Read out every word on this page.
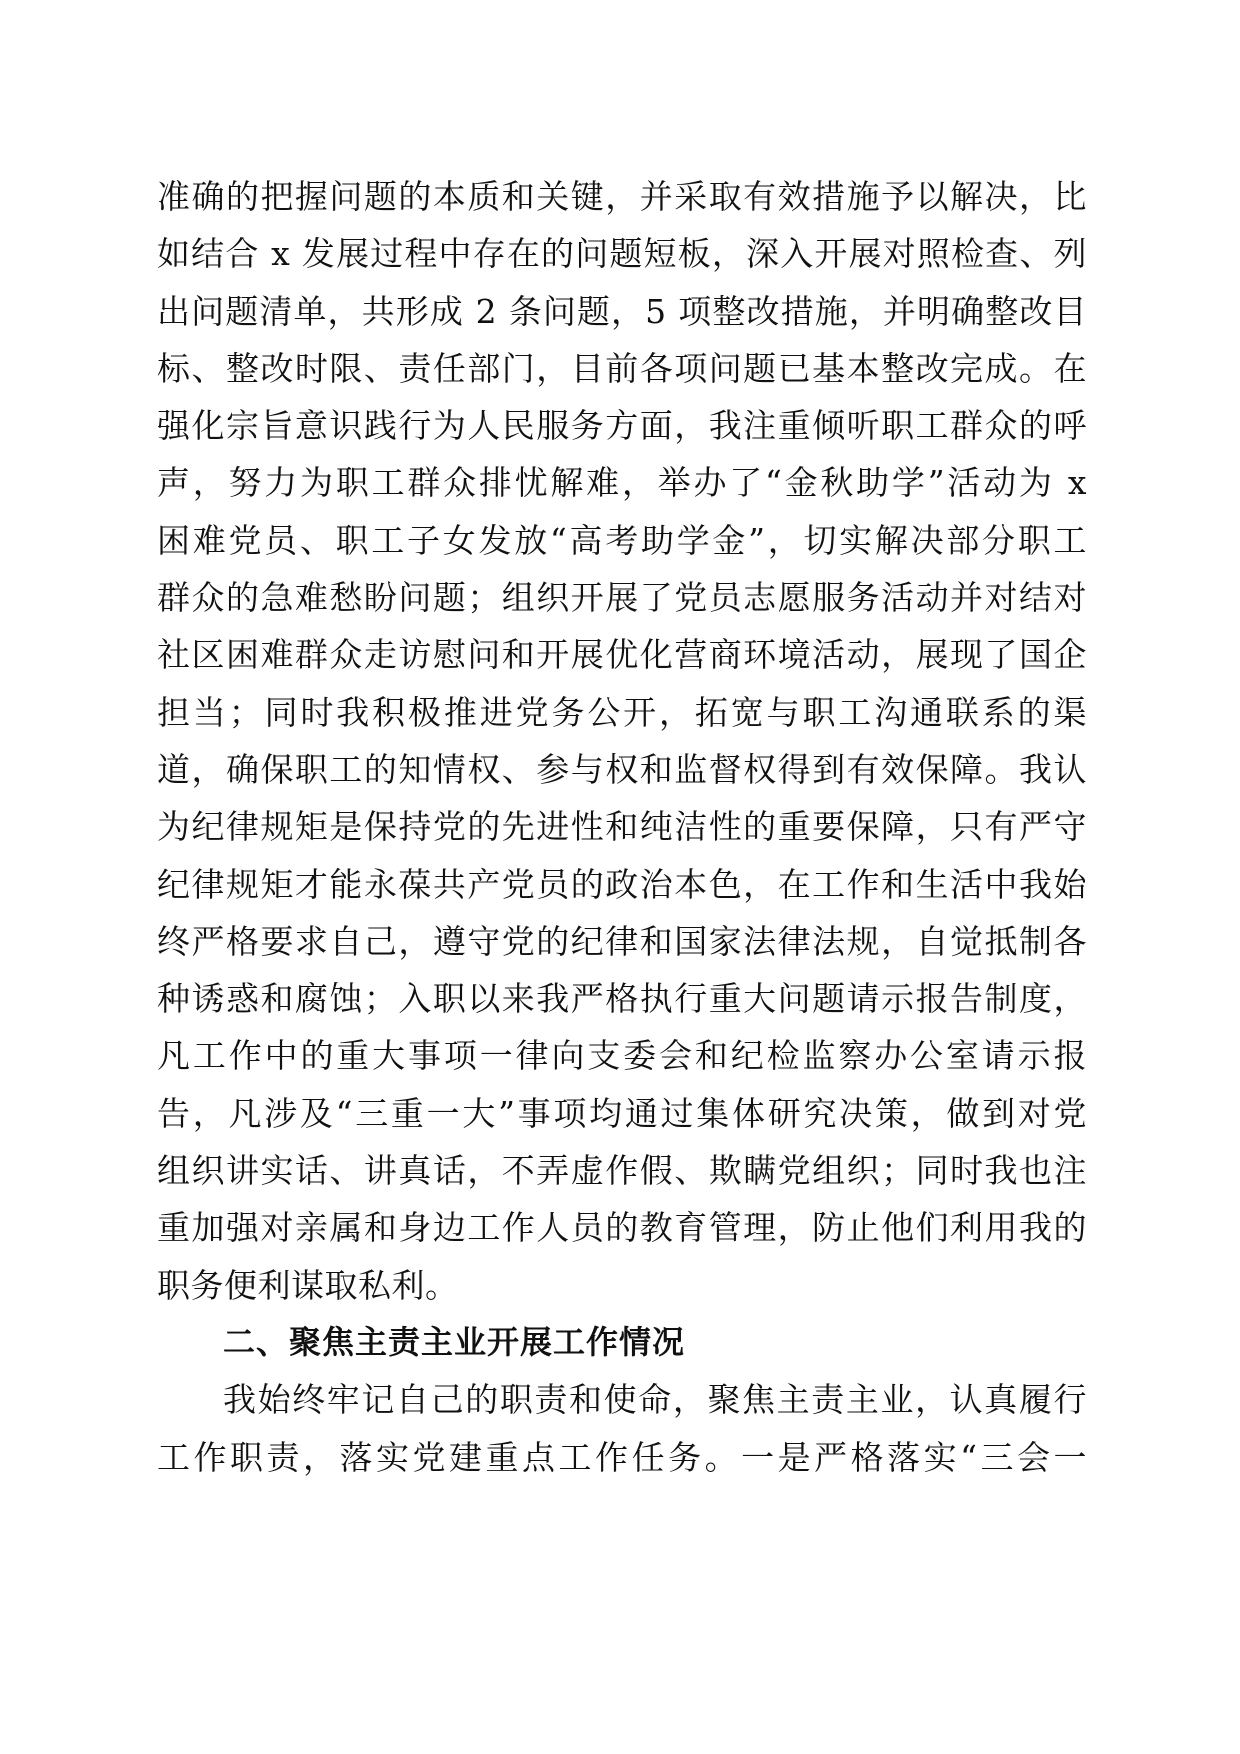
准确的把握问题的本质和关键，并采取有效措施予以解决，比
如结合 x 发展过程中存在的问题短板，深入开展对照检查、列
出问题清单，共形成 2 条问题，5 项整改措施，并明确整改目
标、整改时限、责任部门，目前各项问题已基本整改完成。在
强化宗旨意识践行为人民服务方面，我注重倾听职工群众的呼
声，努力为职工群众排忧解难，举办了“金秋助学”活动为 x
困难党员、职工子女发放“高考助学金”，切实解决部分职工
群众的急难愁盼问题；组织开展了党员志愿服务活动并对结对
社区困难群众走访慰问和开展优化营商环境活动，展现了国企
担当；同时我积极推进党务公开，拓宽与职工沟通联系的渠
道，确保职工的知情权、参与权和监督权得到有效保障。我认
为纪律规矩是保持党的先进性和纯洁性的重要保障，只有严守
纪律规矩才能永葆共产党员的政治本色，在工作和生活中我始
终严格要求自己，遵守党的纪律和国家法律法规，自觉抵制各
种诱惑和腐蚀；入职以来我严格执行重大问题请示报告制度，
凡工作中的重大事项一律向支委会和纪检监察办公室请示报
告，凡涉及“三重一大”事项均通过集体研究决策，做到对党
组织讲实话、讲真话，不弄虚作假、欺瞒党组织；同时我也注
重加强对亲属和身边工作人员的教育管理，防止他们利用我的
职务便利谋取私利。
二、聚焦主责主业开展工作情况
我始终牢记自己的职责和使命，聚焦主责主业，认真履行
工作职责，落实党建重点工作任务。一是严格落实“三会一
